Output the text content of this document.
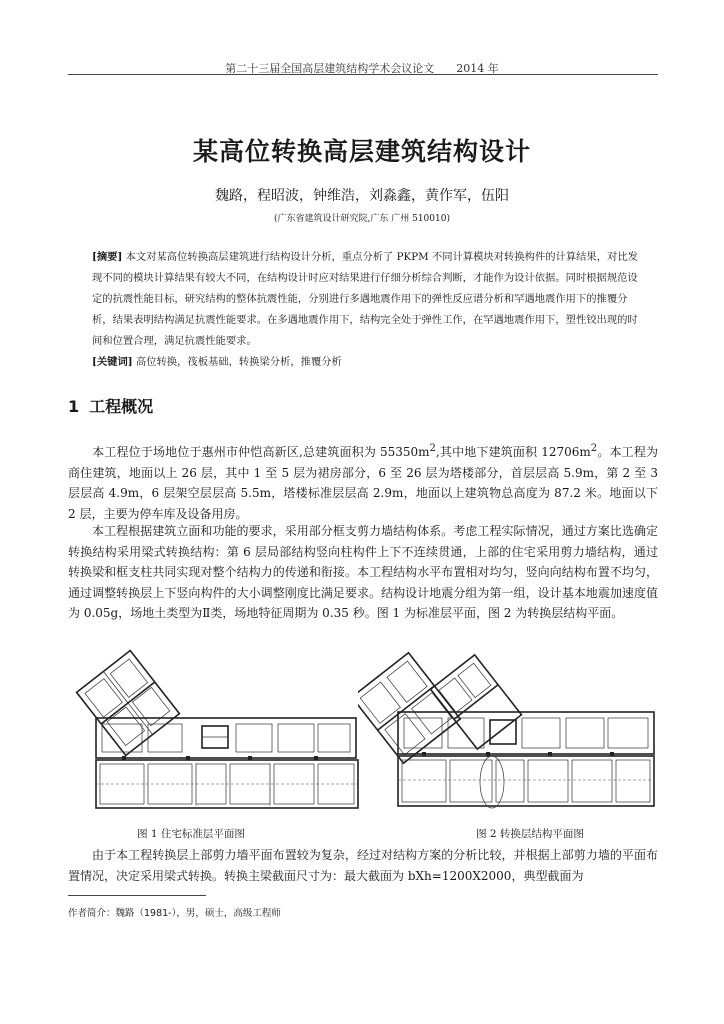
第二十三届全国高层建筑结构学术会议论文 2014 年
某高位转换高层建筑结构设计
魏路，程昭波，钟维浩，刘淼鑫，黄作军，伍阳
(广东省建筑设计研究院,广东 广州 510010)
[摘要] 本文对某高位转换高层建筑进行结构设计分析，重点分析了 PKPM 不同计算模块对转换构件的计算结果，对比发现不同的模块计算结果有较大不同，在结构设计时应对结果进行仔细分析综合判断，才能作为设计依据。同时根据规范设定的抗震性能目标，研究结构的整体抗震性能，分别进行多遇地震作用下的弹性反应谱分析和罕遇地震作用下的推覆分析，结果表明结构满足抗震性能要求。在多遇地震作用下，结构完全处于弹性工作，在罕遇地震作用下，塑性铰出现的时间和位置合理，满足抗震性能要求。
[关键词] 高位转换，筏板基础，转换梁分析，推覆分析
1 工程概况
本工程位于场地位于惠州市仲恺高新区,总建筑面积为 $55350m^2$,其中地下建筑面积 $12706m^2$。本工程为商住建筑，地面以上 26 层，其中 1 至 5 层为裙房部分，6 至 26 层为塔楼部分，首层层高 5.9m，第 2 至 3 层层高 4.9m，6 层架空层层高 5.5m，塔楼标准层层高 2.9m，地面以上建筑物总高度为 87.2 米。地面以下 2 层，主要为停车库及设备用房。
本工程根据建筑立面和功能的要求，采用部分框支剪力墙结构体系。考虑工程实际情况，通过方案比选确定转换结构采用梁式转换结构：第 6 层局部结构竖向柱构件上下不连续贯通，上部的住宅采用剪力墙结构，通过转换梁和框支柱共同实现对整个结构力的传递和衔接。本工程结构水平布置相对均匀，竖向向结构布置不均匀，通过调整转换层上下竖向构件的大小调整刚度比满足要求。结构设计地震分组为第一组，设计基本地震加速度值为 0.05g，场地土类型为Ⅱ类，场地特征周期为 0.35 秒。图 1 为标准层平面，图 2 为转换层结构平面。
图 1 住宅标准层平面图	图 2 转换层结构平面图
由于本工程转换层上部剪力墙平面布置较为复杂，经过对结构方案的分析比较，并根据上部剪力墙的平面布置情况，决定采用梁式转换。转换主梁截面尺寸为：最大截面为 bXh=1200X2000，典型截面为
作者简介：魏路（1981-），男，硕士，高级工程师
